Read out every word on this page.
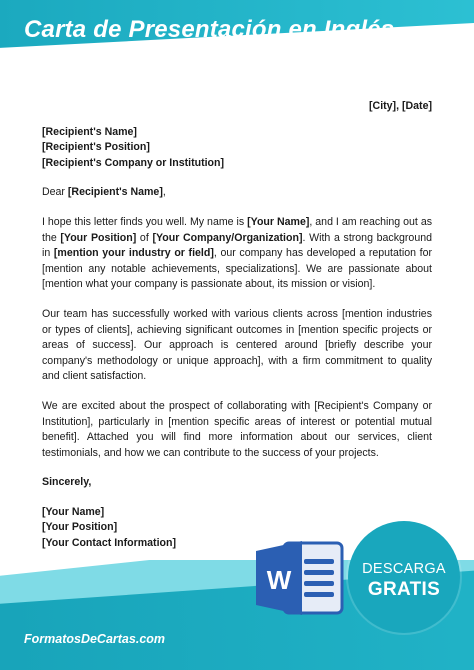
Carta de Presentación en Inglés
[City], [Date]
[Recipient's Name]
[Recipient's Position]
[Recipient's Company or Institution]
Dear [Recipient's Name],
I hope this letter finds you well. My name is [Your Name], and I am reaching out as the [Your Position] of [Your Company/Organization]. With a strong background in [mention your industry or field], our company has developed a reputation for [mention any notable achievements, specializations]. We are passionate about [mention what your company is passionate about, its mission or vision].
Our team has successfully worked with various clients across [mention industries or types of clients], achieving significant outcomes in [mention specific projects or areas of success]. Our approach is centered around [briefly describe your company's methodology or unique approach], with a firm commitment to quality and client satisfaction.
We are excited about the prospect of collaborating with [Recipient's Company or Institution], particularly in [mention specific areas of interest or potential mutual benefit]. Attached you will find more information about our services, client testimonials, and how we can contribute to the success of your projects.
Sincerely,
[Your Name]
[Your Position]
[Your Contact Information]
FormatosDeCartas.com
W	DESCARGA
GRATIS
